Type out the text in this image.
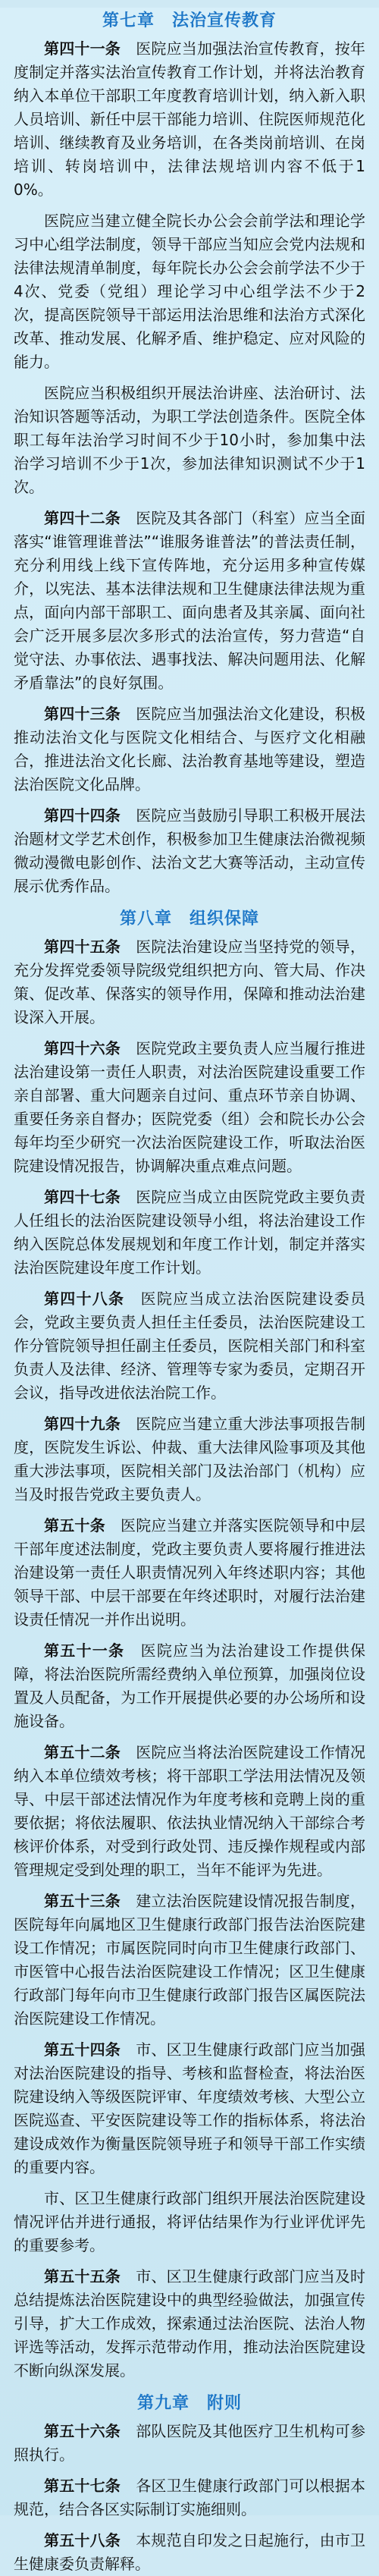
第七章　法治宣传教育

第四十一条　医院应当加强法治宣传教育，按年度制定并落实法治宣传教育工作计划，并将法治教育纳入本单位干部职工年度教育培训计划，纳入新入职人员培训、新任中层干部能力培训、住院医师规范化培训、继续教育及业务培训，在各类岗前培训、在岗培训、转岗培训中，法律法规培训内容不低于10%。

医院应当建立健全院长办公会会前学法和理论学习中心组学法制度，领导干部应当知应会党内法规和法律法规清单制度，每年院长办公会会前学法不少于4次、党委（党组）理论学习中心组学法不少于2次，提高医院领导干部运用法治思维和法治方式深化改革、推动发展、化解矛盾、维护稳定、应对风险的能力。

医院应当积极组织开展法治讲座、法治研讨、法治知识答题等活动，为职工学法创造条件。医院全体职工每年法治学习时间不少于10小时，参加集中法治学习培训不少于1次，参加法律知识测试不少于1次。

第四十二条　医院及其各部门（科室）应当全面落实“谁管理谁普法”“谁服务谁普法”的普法责任制，充分利用线上线下宣传阵地，充分运用多种宣传媒介，以宪法、基本法律法规和卫生健康法律法规为重点，面向内部干部职工、面向患者及其亲属、面向社会广泛开展多层次多形式的法治宣传，努力营造“自觉守法、办事依法、遇事找法、解决问题用法、化解矛盾靠法”的良好氛围。

第四十三条　医院应当加强法治文化建设，积极推动法治文化与医院文化相结合、与医疗文化相融合，推进法治文化长廊、法治教育基地等建设，塑造法治医院文化品牌。

第四十四条　医院应当鼓励引导职工积极开展法治题材文学艺术创作，积极参加卫生健康法治微视频微动漫微电影创作、法治文艺大赛等活动，主动宣传展示优秀作品。

第八章　组织保障

第四十五条　医院法治建设应当坚持党的领导，充分发挥党委领导院级党组织把方向、管大局、作决策、促改革、保落实的领导作用，保障和推动法治建设深入开展。

第四十六条　医院党政主要负责人应当履行推进法治建设第一责任人职责，对法治医院建设重要工作亲自部署、重大问题亲自过问、重点环节亲自协调、重要任务亲自督办；医院党委（组）会和院长办公会每年均至少研究一次法治医院建设工作，听取法治医院建设情况报告，协调解决重点难点问题。

第四十七条　医院应当成立由医院党政主要负责人任组长的法治医院建设领导小组，将法治建设工作纳入医院总体发展规划和年度工作计划，制定并落实法治医院建设年度工作计划。

第四十八条　医院应当成立法治医院建设委员会，党政主要负责人担任主任委员，法治医院建设工作分管院领导担任副主任委员，医院相关部门和科室负责人及法律、经济、管理等专家为委员，定期召开会议，指导改进依法治院工作。

第四十九条　医院应当建立重大涉法事项报告制度，医院发生诉讼、仲裁、重大法律风险事项及其他重大涉法事项，医院相关部门及法治部门（机构）应当及时报告党政主要负责人。

第五十条　医院应当建立并落实医院领导和中层干部年度述法制度，党政主要负责人要将履行推进法治建设第一责任人职责情况列入年终述职内容；其他领导干部、中层干部要在年终述职时，对履行法治建设责任情况一并作出说明。

第五十一条　医院应当为法治建设工作提供保障，将法治医院所需经费纳入单位预算，加强岗位设置及人员配备，为工作开展提供必要的办公场所和设施设备。

第五十二条　医院应当将法治医院建设工作情况纳入本单位绩效考核；将干部职工学法用法情况及领导、中层干部述法情况作为年度考核和竞聘上岗的重要依据；将依法履职、依法执业情况纳入干部综合考核评价体系，对受到行政处罚、违反操作规程或内部管理规定受到处理的职工，当年不能评为先进。

第五十三条　建立法治医院建设情况报告制度，医院每年向属地区卫生健康行政部门报告法治医院建设工作情况；市属医院同时向市卫生健康行政部门、市医管中心报告法治医院建设工作情况；区卫生健康行政部门每年向市卫生健康行政部门报告区属医院法治医院建设工作情况。

第五十四条　市、区卫生健康行政部门应当加强对法治医院建设的指导、考核和监督检查，将法治医院建设纳入等级医院评审、年度绩效考核、大型公立医院巡查、平安医院建设等工作的指标体系，将法治建设成效作为衡量医院领导班子和领导干部工作实绩的重要内容。

市、区卫生健康行政部门组织开展法治医院建设情况评估并进行通报，将评估结果作为行业评优评先的重要参考。

第五十五条　市、区卫生健康行政部门应当及时总结提炼法治医院建设中的典型经验做法，加强宣传引导，扩大工作成效，探索通过法治医院、法治人物评选等活动，发挥示范带动作用，推动法治医院建设不断向纵深发展。

第九章　附则

第五十六条　部队医院及其他医疗卫生机构可参照执行。

第五十七条　各区卫生健康行政部门可以根据本规范，结合各区实际制订实施细则。

第五十八条　本规范自印发之日起施行，由市卫生健康委负责解释。
